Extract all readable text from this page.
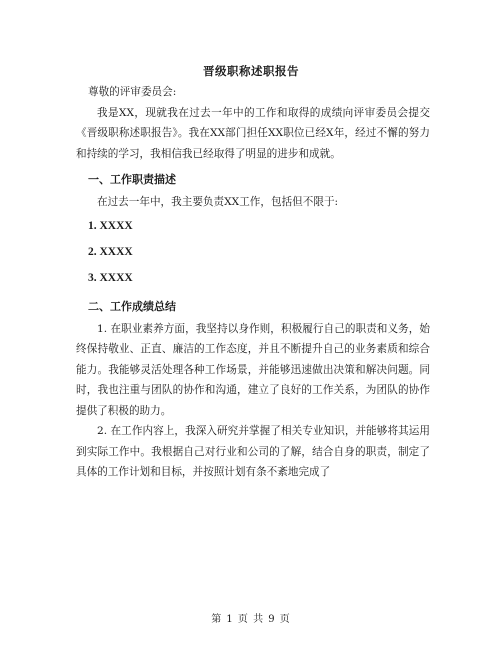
晋级职称述职报告

尊敬的评审委员会:

我是XX，现就我在过去一年中的工作和取得的成绩向评审委员会提交《晋级职称述职报告》。我在XX部门担任XX职位已经X年，经过不懈的努力和持续的学习，我相信我已经取得了明显的进步和成就。

一、工作职责描述

在过去一年中，我主要负责XX工作，包括但不限于:

1. XXXX

2. XXXX

3. XXXX

二、工作成绩总结

1. 在职业素养方面，我坚持以身作则，积极履行自己的职责和义务，始终保持敬业、正直、廉洁的工作态度，并且不断提升自己的业务素质和综合能力。我能够灵活处理各种工作场景，并能够迅速做出决策和解决问题。同时，我也注重与团队的协作和沟通，建立了良好的工作关系，为团队的协作提供了积极的助力。

2. 在工作内容上，我深入研究并掌握了相关专业知识，并能够将其运用到实际工作中。我根据自己对行业和公司的了解，结合自身的职责，制定了具体的工作计划和目标，并按照计划有条不紊地完成了

第 1 页 共 9 页
